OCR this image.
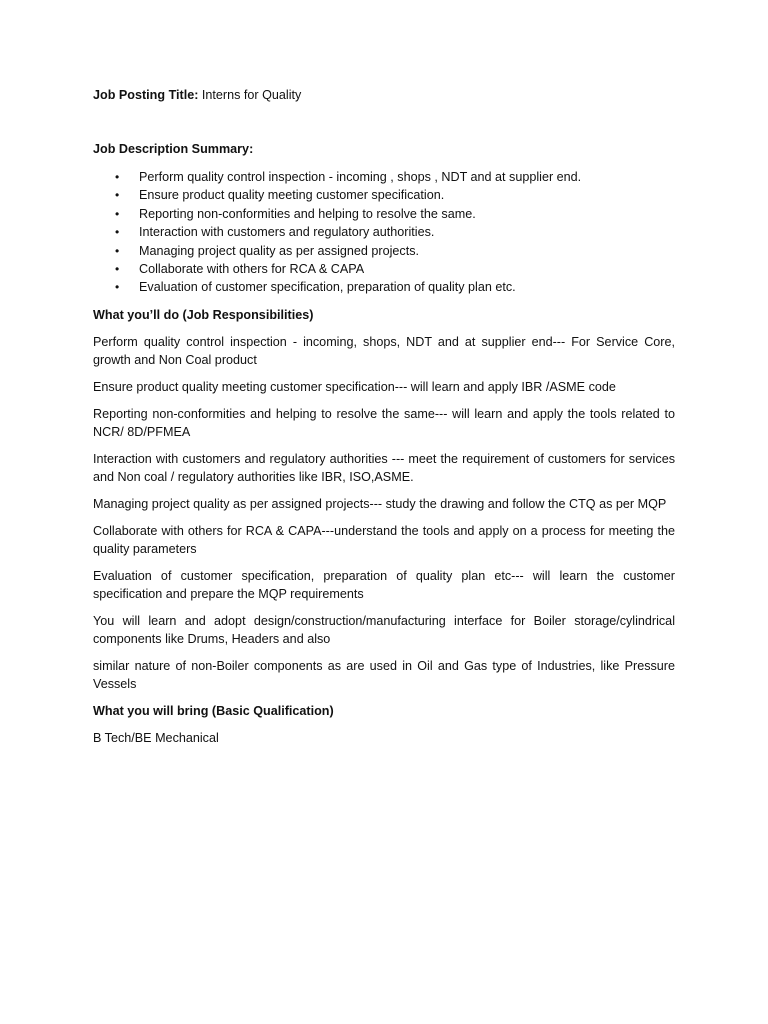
Job Posting Title: Interns for Quality

Job Description Summary:

• Perform quality control inspection - incoming , shops , NDT and at supplier end.
• Ensure product quality meeting customer specification.
• Reporting non-conformities and helping to resolve the same.
• Interaction with customers and regulatory authorities.
• Managing project quality as per assigned projects.
• Collaborate with others for RCA & CAPA
• Evaluation of customer specification, preparation of quality plan etc.

What you’ll do (Job Responsibilities)

Perform quality control inspection - incoming, shops, NDT and at supplier end--- For Service Core, growth and Non Coal product

Ensure product quality meeting customer specification--- will learn and apply IBR /ASME code

Reporting non-conformities and helping to resolve the same--- will learn and apply the tools related to NCR/ 8D/PFMEA

Interaction with customers and regulatory authorities --- meet the requirement of customers for services and Non coal / regulatory authorities like IBR, ISO,ASME.

Managing project quality as per assigned projects--- study the drawing and follow the CTQ as per MQP

Collaborate with others for RCA & CAPA---understand the tools and apply on a process for meeting the quality parameters

Evaluation of customer specification, preparation of quality plan etc--- will learn the customer specification and prepare the MQP requirements

You will learn and adopt design/construction/manufacturing interface for Boiler storage/cylindrical components like Drums, Headers and also

similar nature of non-Boiler components as are used in Oil and Gas type of Industries, like Pressure Vessels

What you will bring (Basic Qualification)

B Tech/BE Mechanical
